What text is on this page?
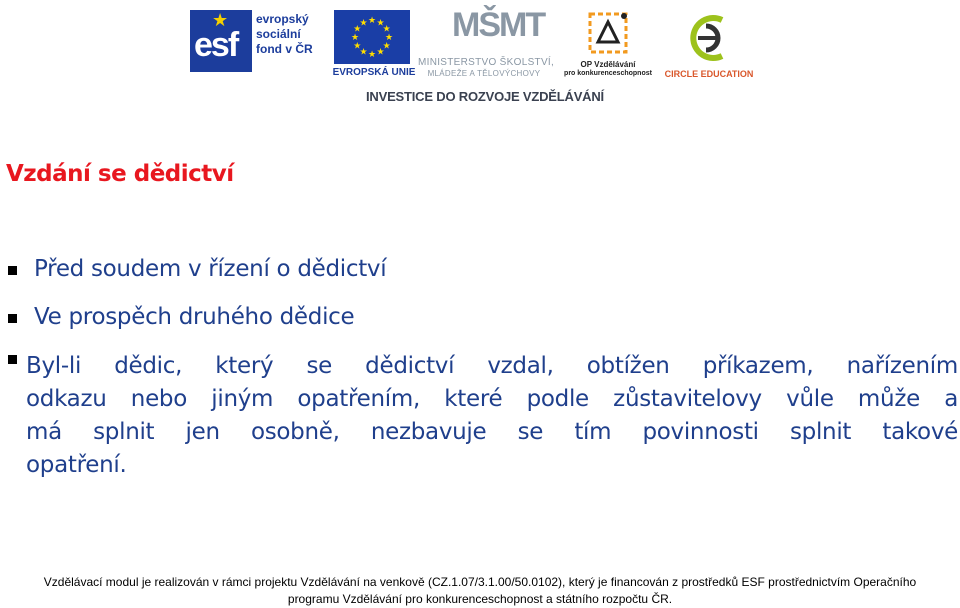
★
esf
evropský
sociální
fond v ČR
★ ★
★
★
★
★
★
★
★
★
★
★
EVROPSKÁ UNIE
MŠMT
MINISTERSTVO ŠKOLSTVÍ,
MLÁDEŽE A TĚLOVÝCHOVY
OP Vzdělávání
pro konkurenceschopnost CIRCLE EDUCATION
INVESTICE DO ROZVOJE VZDĚLÁVÁNÍ
Vzdání se dědictví
Před soudem v řízení o dědictví
Ve prospěch druhého dědice
Byl-li dědic, který se dědictví vzdal, obtížen příkazem, nařízením
odkazu nebo jiným opatřením, které podle zůstavitelovy vůle může a
má splnit jen osobně, nezbavuje se tím povinnosti splnit takové
opatření.
Vzdělávací modul je realizován v rámci projektu Vzdělávání na venkově (CZ.1.07/3.1.00/50.0102), který je financován z prostředků ESF prostřednictvím Operačního
programu Vzdělávání pro konkurenceschopnost a státního rozpočtu ČR.
